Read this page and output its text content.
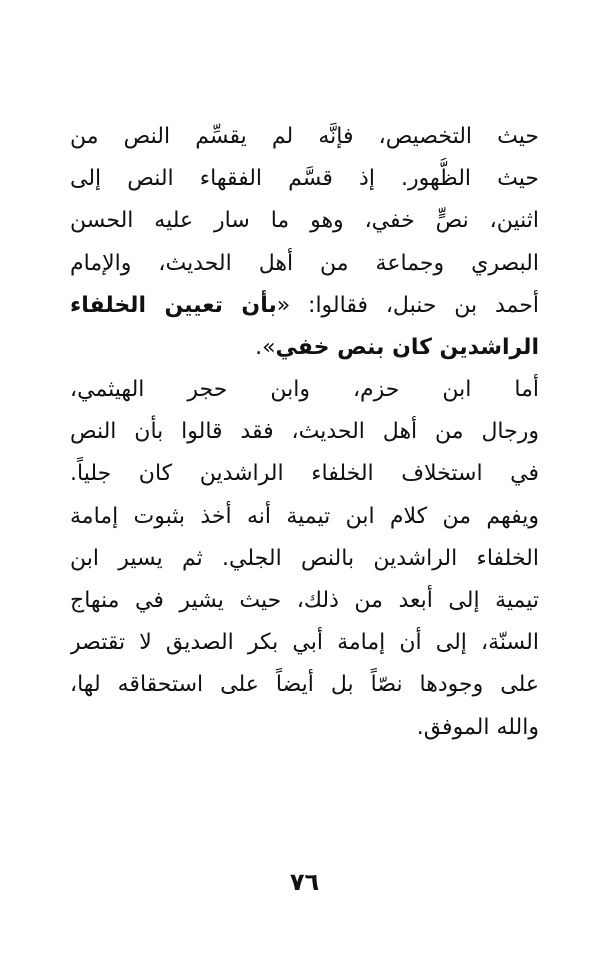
حيث التخصيص، فإنَّه لم يقسِّم النص من
حيث الظُّهور. إذ قسَّم الفقهاء النص إلى
اثنين، نصٍّ خفي، وهو ما سار عليه الحسن
البصري وجماعة من أهل الحديث، والإمام
أحمد بن حنبل، فقالوا: «بأن تعيين الخلفاء
الراشدين كان بنص خفي».
أما ابن حزم، وابن حجر الهيثمي،
ورجال من أهل الحديث، فقد قالوا بأن النص
في استخلاف الخلفاء الراشدين كان جلياً.
ويفهم من كلام ابن تيمية أنه أخذ بثبوت إمامة
الخلفاء الراشدين بالنص الجلي. ثم يسير ابن
تيمية إلى أبعد من ذلك، حيث يشير في منهاج
السنّة، إلى أن إمامة أبي بكر الصديق لا تقتصر
على وجودها نصّاً بل أيضاً على استحقاقه لها،
والله الموفق.
٧٦
